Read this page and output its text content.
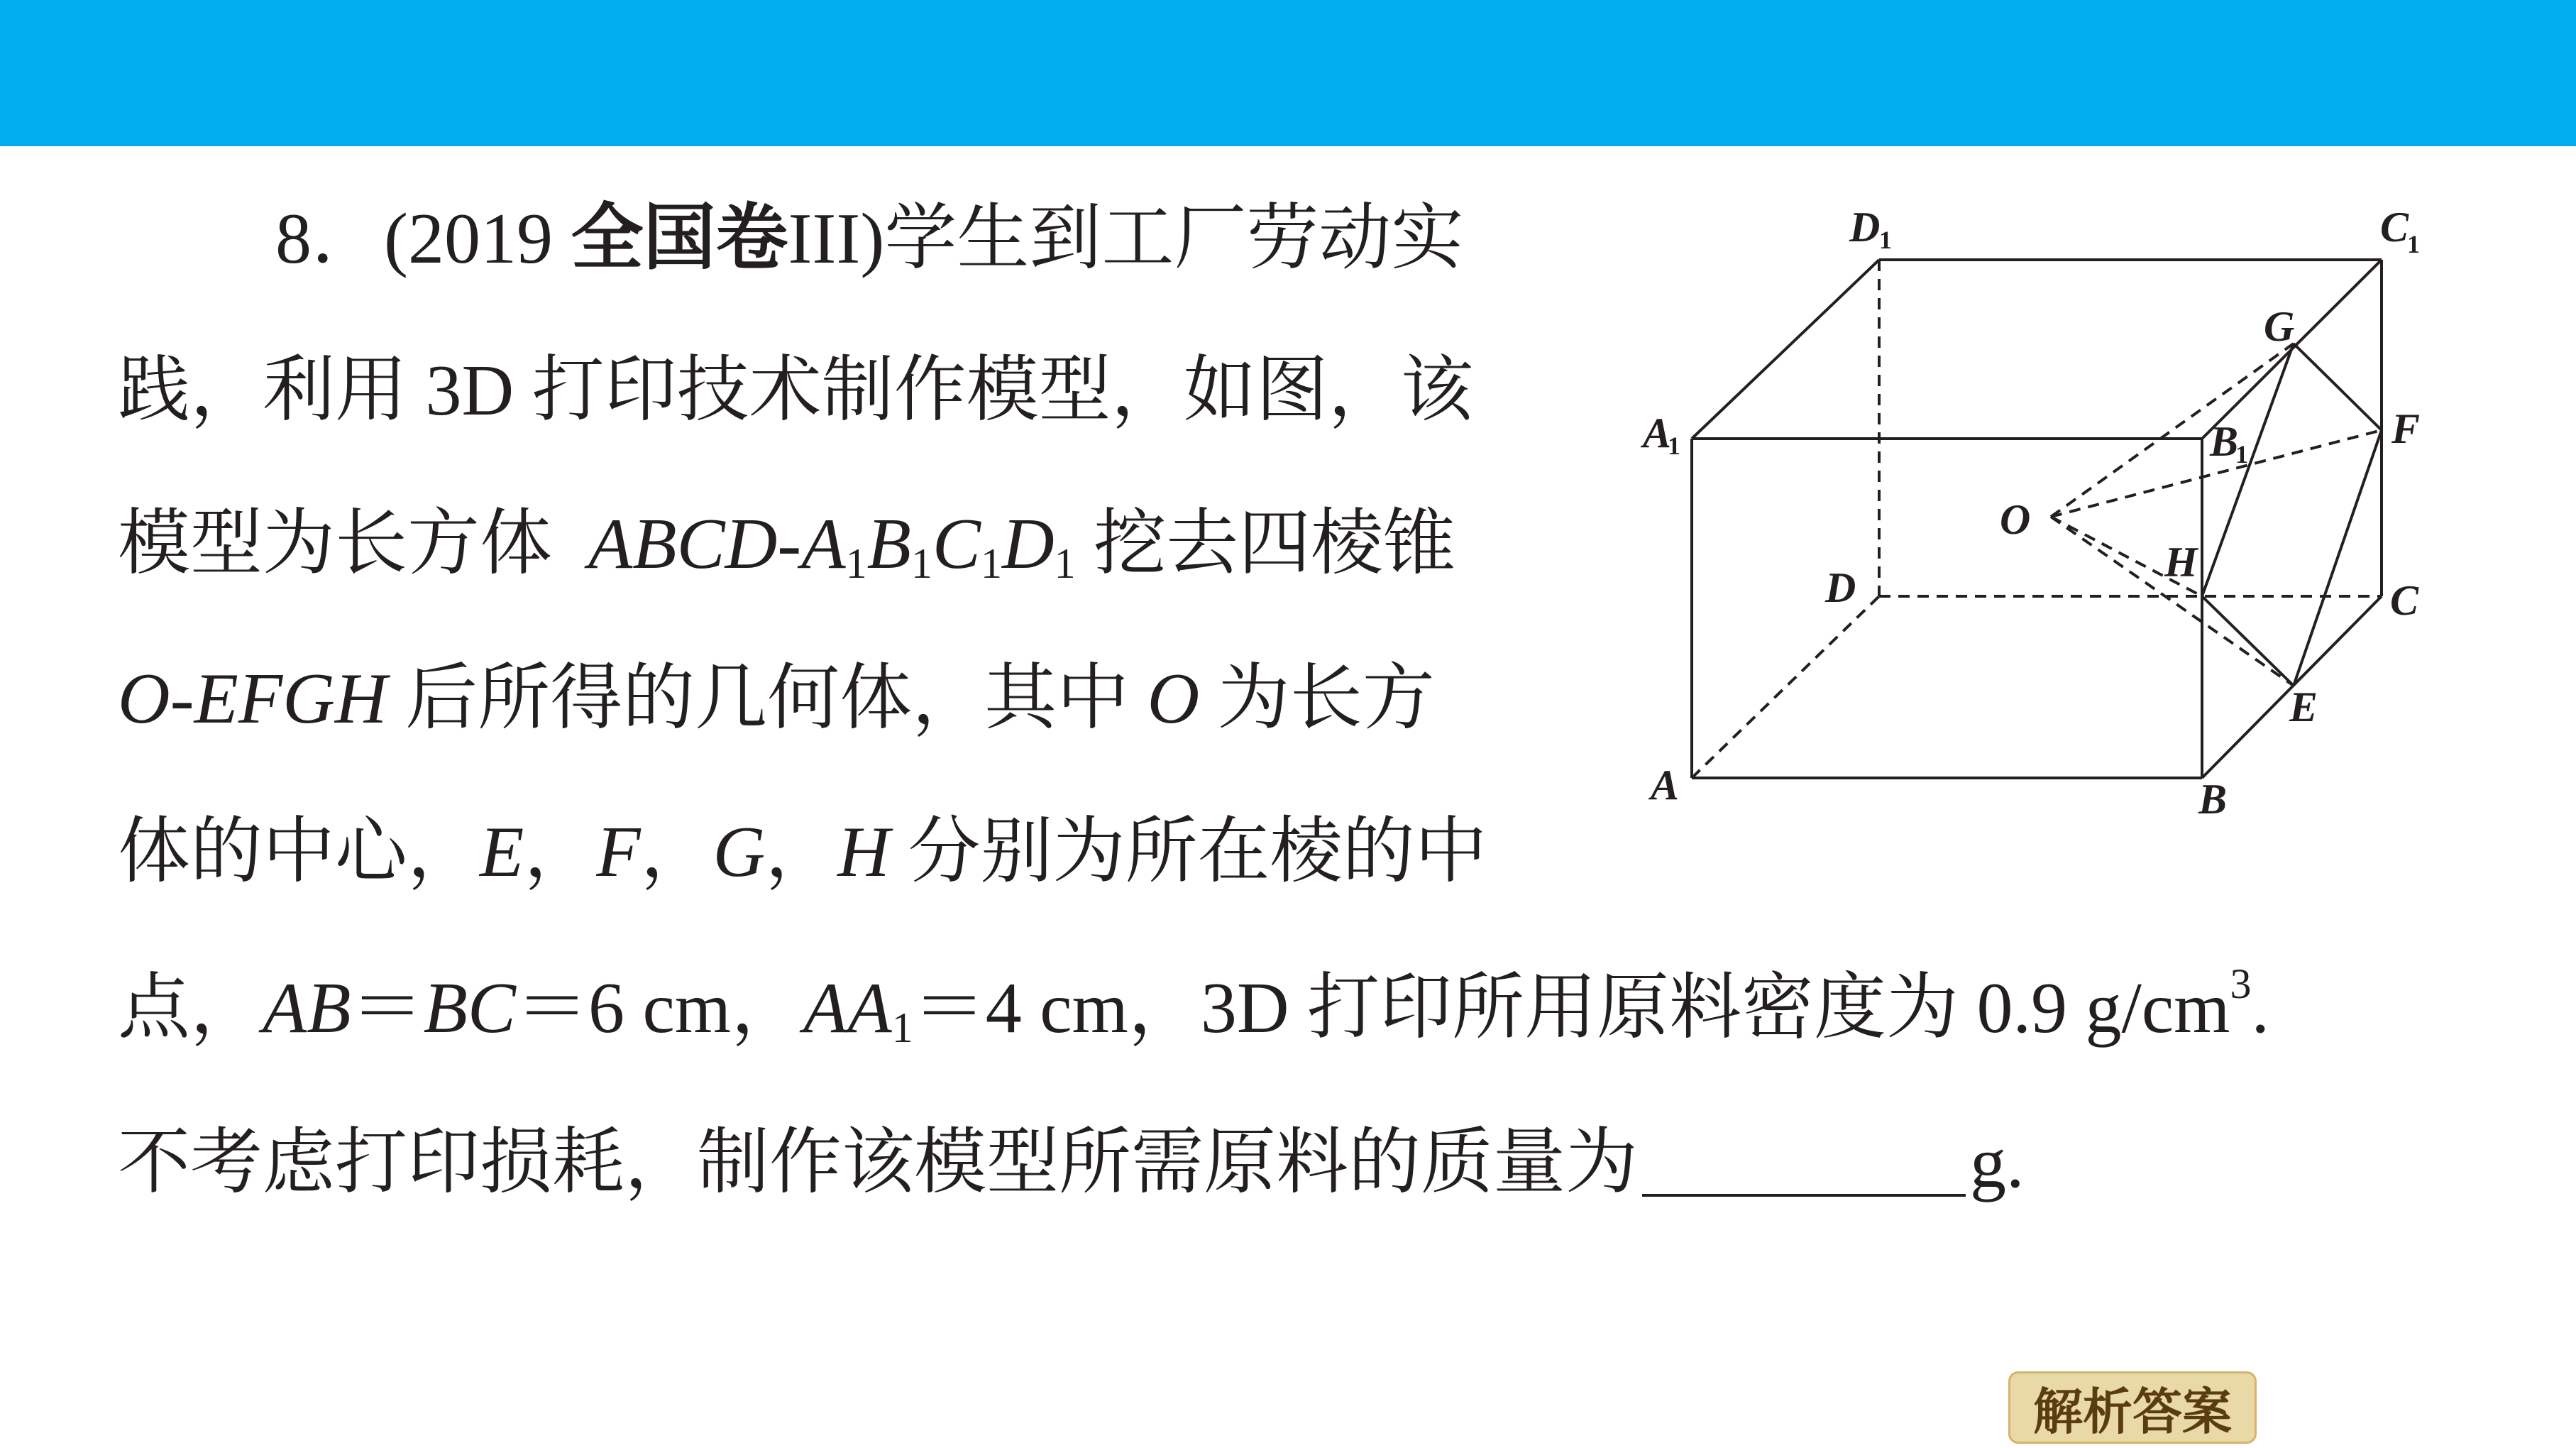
8．(2019 全国卷III)学生到工厂劳动实
践，利用 3D 打印技术制作模型，如图，该
模型为长方体 ABCD-A1B1C1D1 挖去四棱锥
O-EFGH 后所得的几何体，其中 O 为长方
体的中心，E，F，G，H 分别为所在棱的中
点，AB＝BC＝6 cm，AA1＝4 cm，3D 打印所用原料密度为 0.9 g/cm3.
不考虑打印损耗，制作该模型所需原料的质量为	g.
A
1
D
1	C
1
B
1
G
F
O
H
D	C
E
A	B
解析答案
